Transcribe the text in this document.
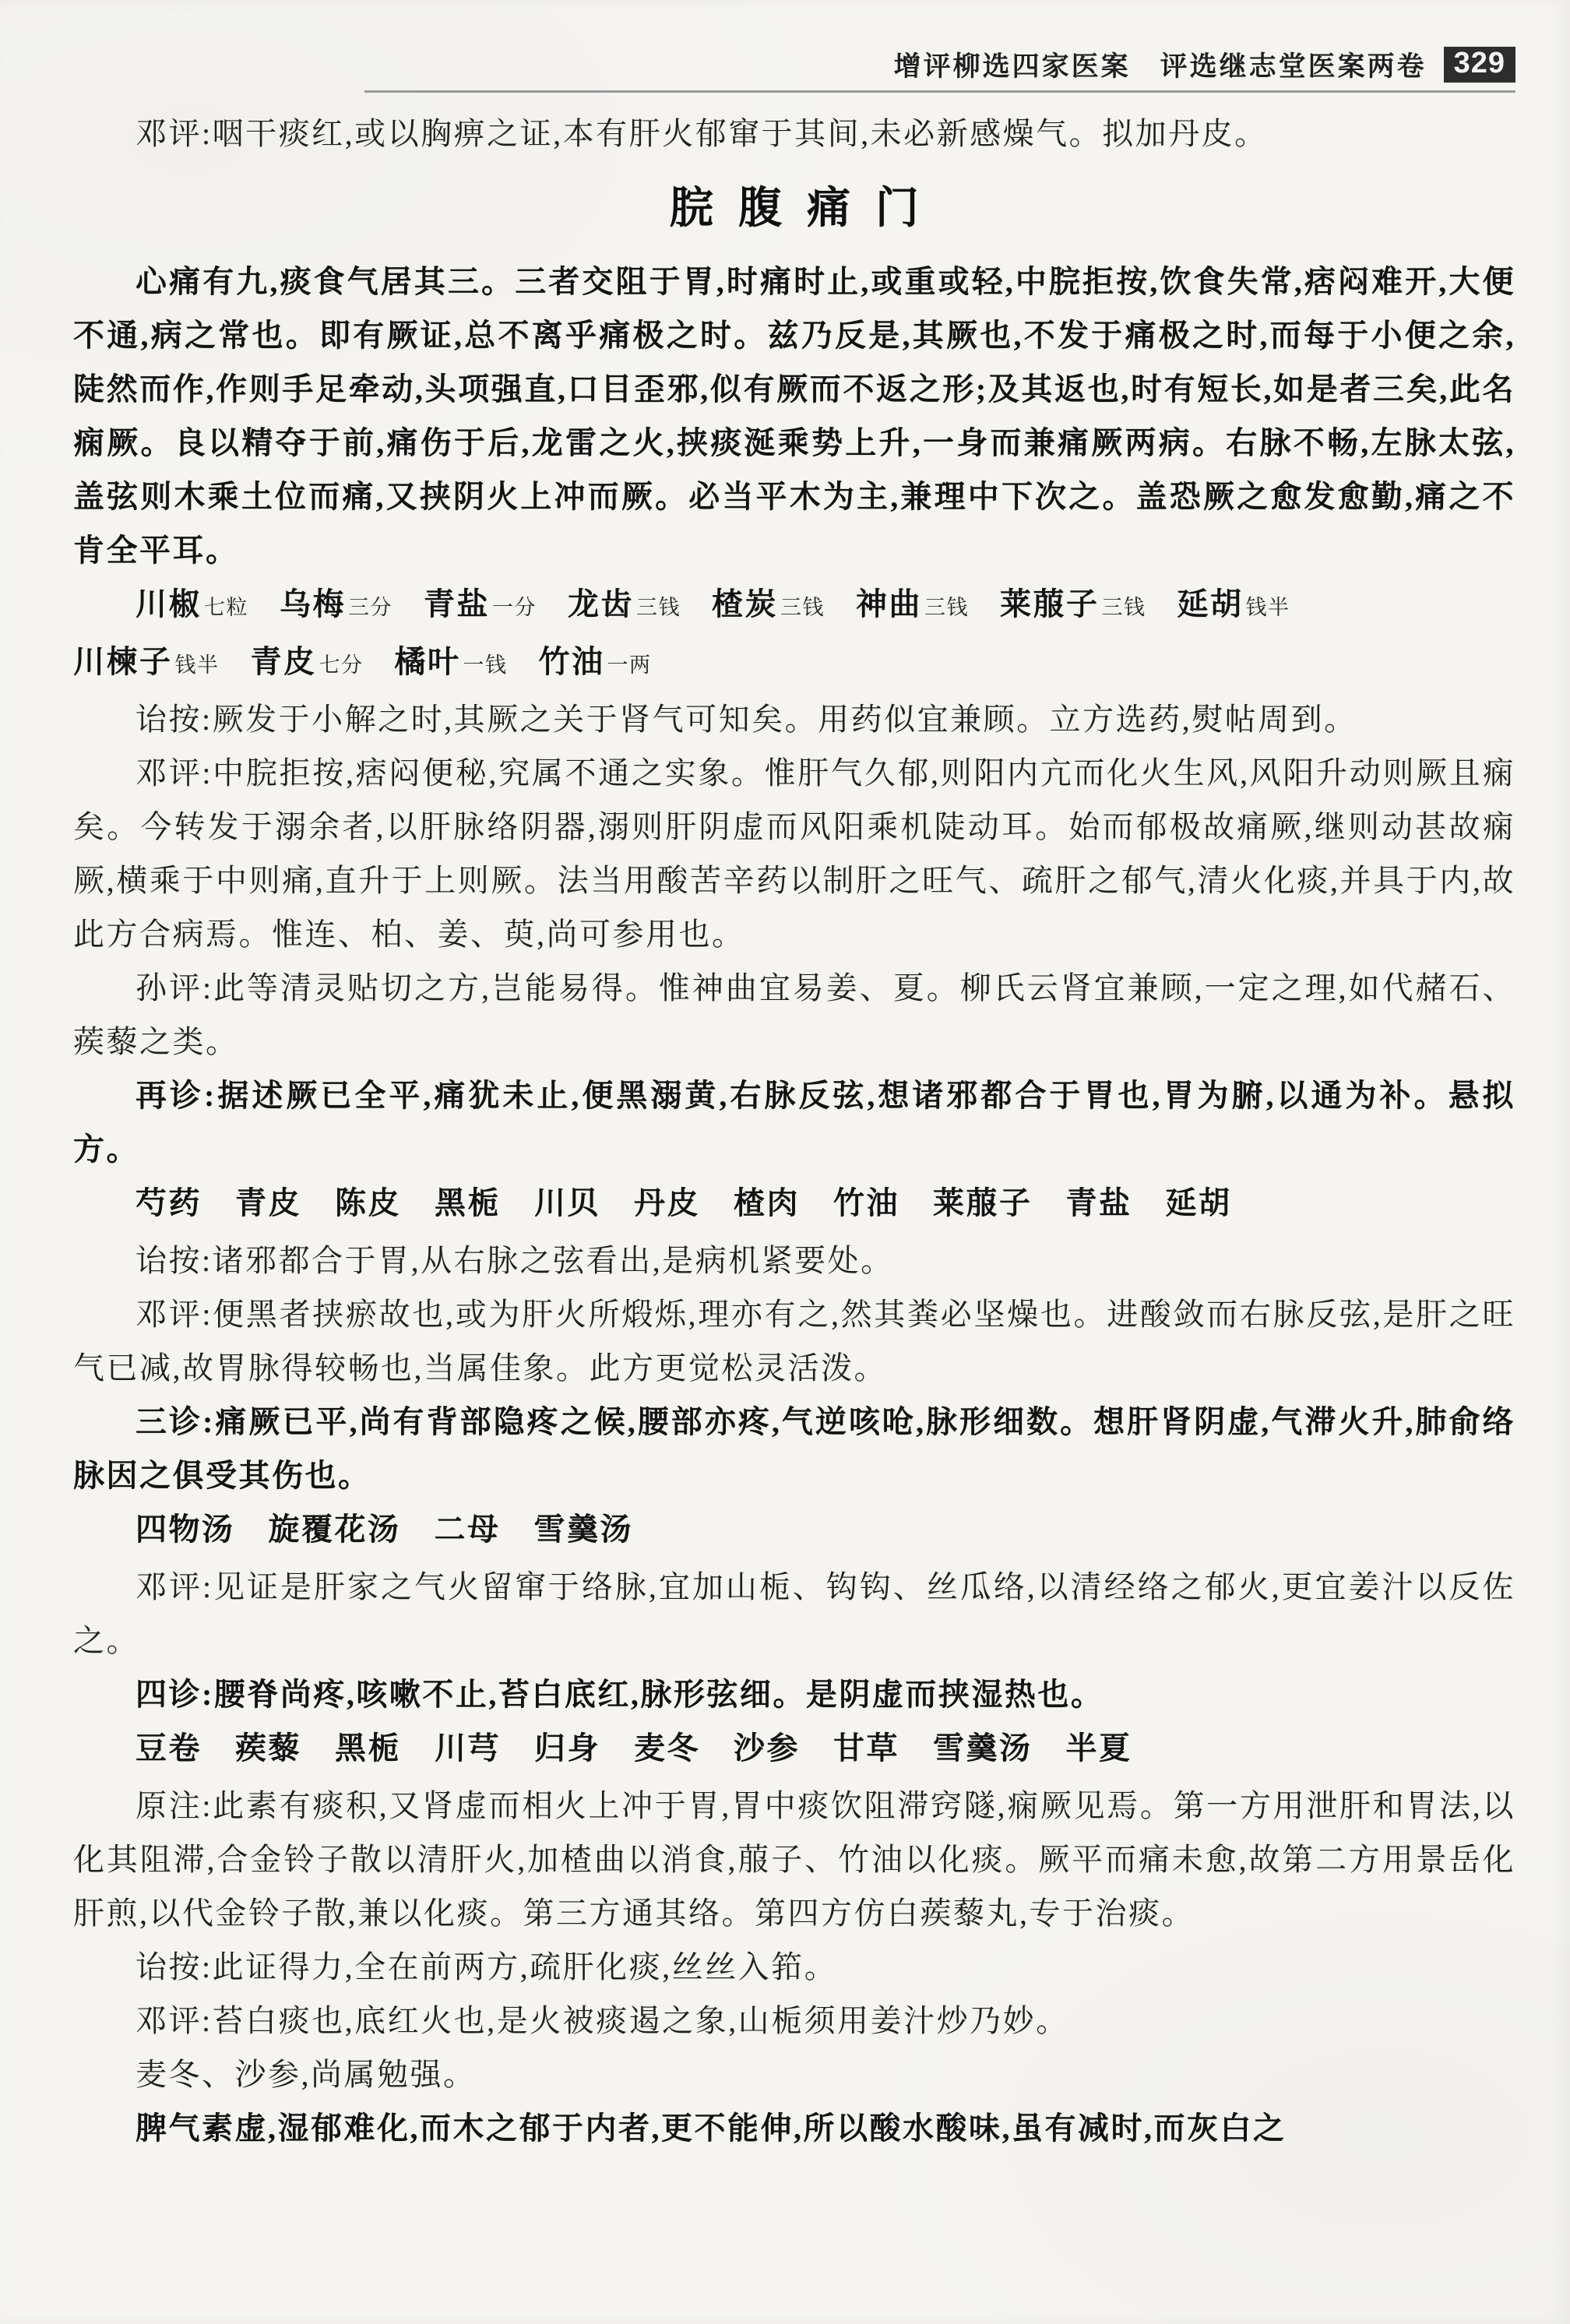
增评柳选四家医案　评选继志堂医案两卷 329

邓评:咽干痰红,或以胸痹之证,本有肝火郁窜于其间,未必新感燥气。拟加丹皮。

脘腹痛门

心痛有九,痰食气居其三。三者交阻于胃,时痛时止,或重或轻,中脘拒按,饮食失常,痞闷难开,大便不通,病之常也。即有厥证,总不离乎痛极之时。兹乃反是,其厥也,不发于痛极之时,而每于小便之余,陡然而作,作则手足牵动,头项强直,口目歪邪,似有厥而不返之形;及其返也,时有短长,如是者三矣,此名痫厥。良以精夺于前,痛伤于后,龙雷之火,挟痰涎乘势上升,一身而兼痛厥两病。右脉不畅,左脉太弦,盖弦则木乘土位而痛,又挟阴火上冲而厥。必当平木为主,兼理中下次之。盖恐厥之愈发愈勤,痛之不肯全平耳。

川椒 七粒 乌梅 三分 青盐 一分 龙齿 三钱 楂炭 三钱 神曲 三钱 莱菔子 三钱 延胡 钱半

川楝子 钱半 青皮 七分 橘叶 一钱 竹油 一两

诒按:厥发于小解之时,其厥之关于肾气可知矣。用药似宜兼顾。立方选药,熨帖周到。

邓评:中脘拒按,痞闷便秘,究属不通之实象。惟肝气久郁,则阳内亢而化火生风,风阳升动则厥且痫矣。今转发于溺余者,以肝脉络阴器,溺则肝阴虚而风阳乘机陡动耳。始而郁极故痛厥,继则动甚故痫厥,横乘于中则痛,直升于上则厥。法当用酸苦辛药以制肝之旺气、疏肝之郁气,清火化痰,并具于内,故此方合病焉。惟连、柏、姜、萸,尚可参用也。

孙评:此等清灵贴切之方,岂能易得。惟神曲宜易姜、夏。柳氏云肾宜兼顾,一定之理,如代赭石、蒺藜之类。

再诊:据述厥已全平,痛犹未止,便黑溺黄,右脉反弦,想诸邪都合于胃也,胃为腑,以通为补。悬拟方。

芍药 青皮 陈皮 黑栀 川贝 丹皮 楂肉 竹油 莱菔子 青盐 延胡

诒按:诸邪都合于胃,从右脉之弦看出,是病机紧要处。

邓评:便黑者挟瘀故也,或为肝火所煅烁,理亦有之,然其粪必坚燥也。进酸敛而右脉反弦,是肝之旺气已减,故胃脉得较畅也,当属佳象。此方更觉松灵活泼。

三诊:痛厥已平,尚有背部隐疼之候,腰部亦疼,气逆咳呛,脉形细数。想肝肾阴虚,气滞火升,肺俞络脉因之俱受其伤也。

四物汤 旋覆花汤 二母 雪羹汤

邓评:见证是肝家之气火留窜于络脉,宜加山栀、钩钩、丝瓜络,以清经络之郁火,更宜姜汁以反佐之。

四诊:腰脊尚疼,咳嗽不止,苔白底红,脉形弦细。是阴虚而挟湿热也。

豆卷 蒺藜 黑栀 川芎 归身 麦冬 沙参 甘草 雪羹汤 半夏

原注:此素有痰积,又肾虚而相火上冲于胃,胃中痰饮阻滞窍隧,痫厥见焉。第一方用泄肝和胃法,以化其阻滞,合金铃子散以清肝火,加楂曲以消食,菔子、竹油以化痰。厥平而痛未愈,故第二方用景岳化肝煎,以代金铃子散,兼以化痰。第三方通其络。第四方仿白蒺藜丸,专于治痰。

诒按:此证得力,全在前两方,疏肝化痰,丝丝入筘。

邓评:苔白痰也,底红火也,是火被痰遏之象,山栀须用姜汁炒乃妙。

麦冬、沙参,尚属勉强。

脾气素虚,湿郁难化,而木之郁于内者,更不能伸,所以酸水酸味,虽有减时,而灰白之
